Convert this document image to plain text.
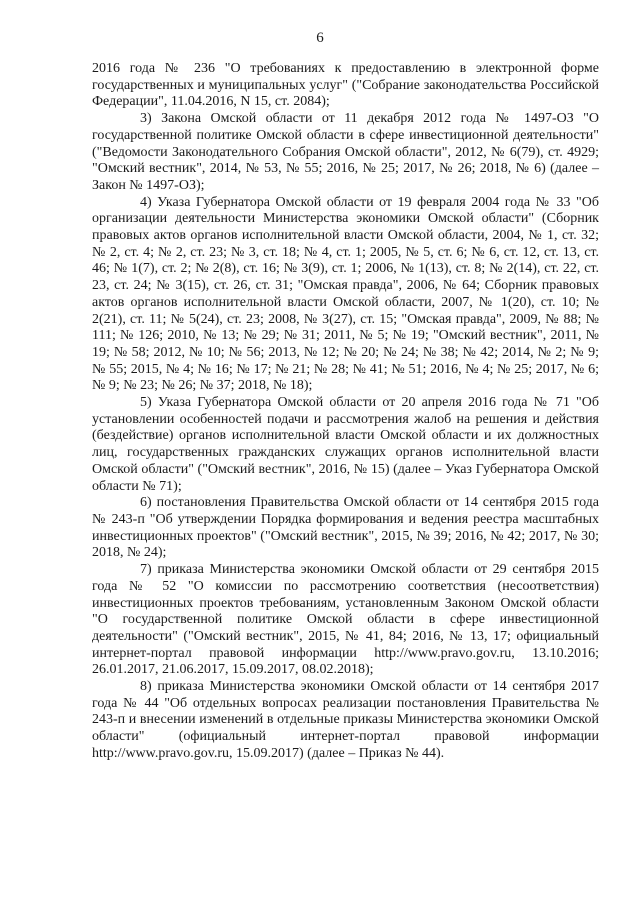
6

2016 года № 236 "О требованиях к предоставлению в электронной форме государственных и муниципальных услуг" ("Собрание законодательства Российской Федерации", 11.04.2016, N 15, ст. 2084);

3) Закона Омской области от 11 декабря 2012 года № 1497-ОЗ "О государственной политике Омской области в сфере инвестиционной деятельности" ("Ведомости Законодательного Собрания Омской области", 2012, № 6(79), ст. 4929; "Омский вестник", 2014, № 53, № 55; 2016, № 25; 2017, № 26; 2018, № 6) (далее – Закон № 1497-ОЗ);

4) Указа Губернатора Омской области от 19 февраля 2004 года № 33 "Об организации деятельности Министерства экономики Омской области" (Сборник правовых актов органов исполнительной власти Омской области, 2004, № 1, ст. 32; № 2, ст. 4; № 2, ст. 23; № 3, ст. 18; № 4, ст. 1; 2005, № 5, ст. 6; № 6, ст. 12, ст. 13, ст. 46; № 1(7), ст. 2; № 2(8), ст. 16; № 3(9), ст. 1; 2006, № 1(13), ст. 8; № 2(14), ст. 22, ст. 23, ст. 24; № 3(15), ст. 26, ст. 31; "Омская правда", 2006, № 64; Сборник правовых актов органов исполнительной власти Омской области, 2007, № 1(20), ст. 10; № 2(21), ст. 11; № 5(24), ст. 23; 2008, № 3(27), ст. 15; "Омская правда", 2009, № 88; № 111; № 126; 2010, № 13; № 29; № 31; 2011, № 5; № 19; "Омский вестник", 2011, № 19; № 58; 2012, № 10; № 56; 2013, № 12; № 20; № 24; № 38; № 42; 2014, № 2; № 9; № 55; 2015, № 4; № 16; № 17; № 21; № 28; № 41; № 51; 2016, № 4; № 25; 2017, № 6; № 9; № 23; № 26; № 37; 2018, № 18);

5) Указа Губернатора Омской области от 20 апреля 2016 года № 71 "Об установлении особенностей подачи и рассмотрения жалоб на решения и действия (бездействие) органов исполнительной власти Омской области и их должностных лиц, государственных гражданских служащих органов исполнительной власти Омской области" ("Омский вестник", 2016, № 15) (далее – Указ Губернатора Омской области № 71);

6) постановления Правительства Омской области от 14 сентября 2015 года № 243-п "Об утверждении Порядка формирования и ведения реестра масштабных инвестиционных проектов" ("Омский вестник", 2015, № 39; 2016, № 42; 2017, № 30; 2018, № 24);

7) приказа Министерства экономики Омской области от 29 сентября 2015 года № 52 "О комиссии по рассмотрению соответствия (несоответствия) инвестиционных проектов требованиям, установленным Законом Омской области "О государственной политике Омской области в сфере инвестиционной деятельности" ("Омский вестник", 2015, № 41, 84; 2016, № 13, 17; официальный интернет-портал правовой информации http://www.pravo.gov.ru, 13.10.2016; 26.01.2017, 21.06.2017, 15.09.2017, 08.02.2018);

8) приказа Министерства экономики Омской области от 14 сентября 2017 года № 44 "Об отдельных вопросах реализации постановления Правительства № 243-п и внесении изменений в отдельные приказы Министерства экономики Омской области" (официальный интернет-портал правовой информации http://www.pravo.gov.ru, 15.09.2017) (далее – Приказ № 44).
